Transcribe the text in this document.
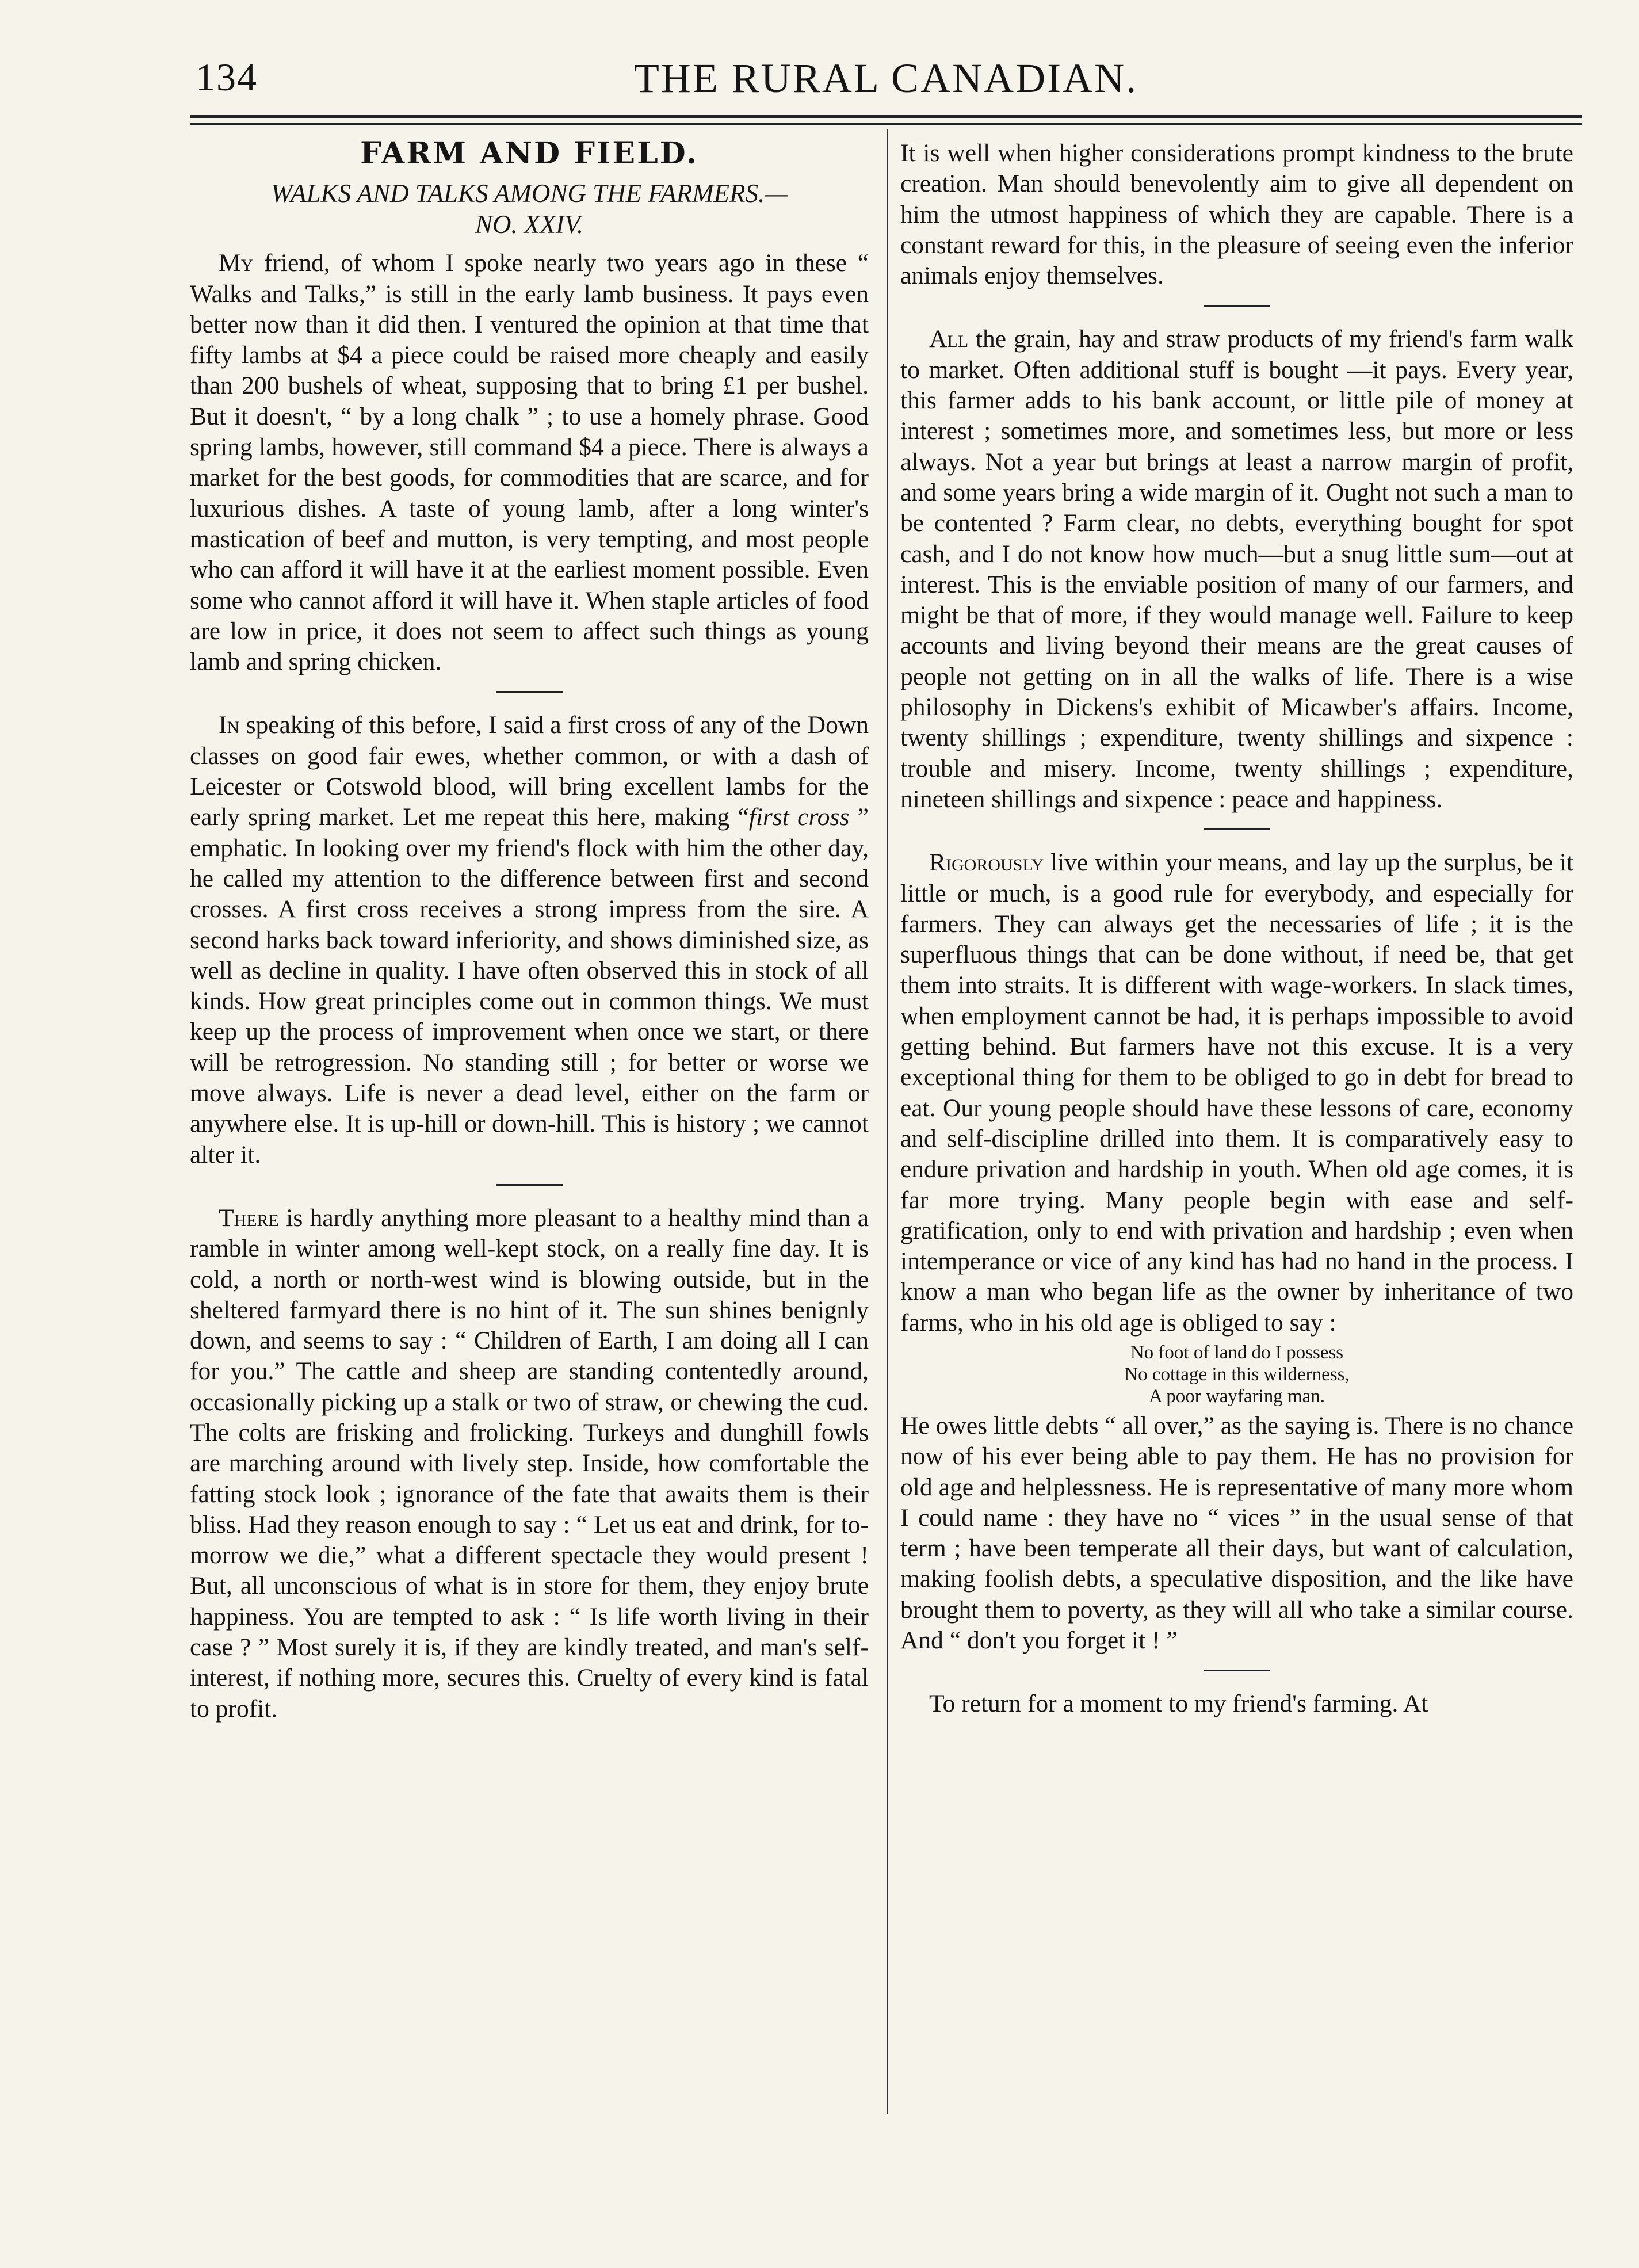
134	THE RURAL CANADIAN.
FARM AND FIELD.
WALKS AND TALKS AMONG THE FARMERS.—
NO. XXIV.

My friend, of whom I spoke nearly two years ago in these “ Walks and Talks,” is still in the early lamb business. It pays even better now than it did then. I ventured the opinion at that time that fifty lambs at $4 a piece could be raised more cheaply and easily than 200 bushels of wheat, supposing that to bring £1 per bushel. But it doesn't, “ by a long chalk ” ; to use a homely phrase. Good spring lambs, however, still command $4 a piece. There is always a market for the best goods, for commodities that are scarce, and for luxurious dishes. A taste of young lamb, after a long winter's mastication of beef and mutton, is very tempting, and most people who can afford it will have it at the earliest moment possible. Even some who cannot afford it will have it. When staple articles of food are low in price, it does not seem to affect such things as young lamb and spring chicken.

In speaking of this before, I said a first cross of any of the Down classes on good fair ewes, whether common, or with a dash of Leicester or Cotswold blood, will bring excellent lambs for the early spring market. Let me repeat this here, making “first cross ” emphatic. In looking over my friend's flock with him the other day, he called my attention to the difference between first and second crosses. A first cross receives a strong impress from the sire. A second harks back toward inferiority, and shows diminished size, as well as decline in quality. I have often observed this in stock of all kinds. How great principles come out in common things. We must keep up the process of improvement when once we start, or there will be retrogression. No standing still ; for better or worse we move always. Life is never a dead level, either on the farm or anywhere else. It is up-hill or down-hill. This is history ; we cannot alter it.

There is hardly anything more pleasant to a healthy mind than a ramble in winter among well-kept stock, on a really fine day. It is cold, a north or north-west wind is blowing outside, but in the sheltered farmyard there is no hint of it. The sun shines benignly down, and seems to say : “ Children of Earth, I am doing all I can for you.” The cattle and sheep are standing contentedly around, occasionally picking up a stalk or two of straw, or chewing the cud. The colts are frisking and frolicking. Turkeys and dunghill fowls are marching around with lively step. Inside, how comfortable the fatting stock look ; ignorance of the fate that awaits them is their bliss. Had they reason enough to say : “ Let us eat and drink, for to-morrow we die,” what a different spectacle they would present ! But, all unconscious of what is in store for them, they enjoy brute happiness. You are tempted to ask : “ Is life worth living in their case ? ” Most surely it is, if they are kindly treated, and man's self-interest, if nothing more, secures this. Cruelty of every kind is fatal to profit.

It is well when higher considerations prompt kindness to the brute creation. Man should benevolently aim to give all dependent on him the utmost happiness of which they are capable. There is a constant reward for this, in the pleasure of seeing even the inferior animals enjoy themselves.

All the grain, hay and straw products of my friend's farm walk to market. Often additional stuff is bought —it pays. Every year, this farmer adds to his bank account, or little pile of money at interest ; sometimes more, and sometimes less, but more or less always. Not a year but brings at least a narrow margin of profit, and some years bring a wide margin of it. Ought not such a man to be contented ? Farm clear, no debts, everything bought for spot cash, and I do not know how much—but a snug little sum—out at interest. This is the enviable position of many of our farmers, and might be that of more, if they would manage well. Failure to keep accounts and living beyond their means are the great causes of people not getting on in all the walks of life. There is a wise philosophy in Dickens's exhibit of Micawber's affairs. Income, twenty shillings ; expenditure, twenty shillings and sixpence : trouble and misery. Income, twenty shillings ; expenditure, nineteen shillings and sixpence : peace and happiness.

Rigorously live within your means, and lay up the surplus, be it little or much, is a good rule for everybody, and especially for farmers. They can always get the necessaries of life ; it is the superfluous things that can be done without, if need be, that get them into straits. It is different with wage-workers. In slack times, when employment cannot be had, it is perhaps impossible to avoid getting behind. But farmers have not this excuse. It is a very exceptional thing for them to be obliged to go in debt for bread to eat. Our young people should have these lessons of care, economy and self-discipline drilled into them. It is comparatively easy to endure privation and hardship in youth. When old age comes, it is far more trying. Many people begin with ease and self-gratification, only to end with privation and hardship ; even when intemperance or vice of any kind has had no hand in the process. I know a man who began life as the owner by inheritance of two farms, who in his old age is obliged to say :

No foot of land do I possess
No cottage in this wilderness,
A poor wayfaring man.

He owes little debts “ all over,” as the saying is. There is no chance now of his ever being able to pay them. He has no provision for old age and helplessness. He is representative of many more whom I could name : they have no “ vices ” in the usual sense of that term ; have been temperate all their days, but want of calculation, making foolish debts, a speculative disposition, and the like have brought them to poverty, as they will all who take a similar course. And “ don't you forget it ! ”

To return for a moment to my friend's farming. At
